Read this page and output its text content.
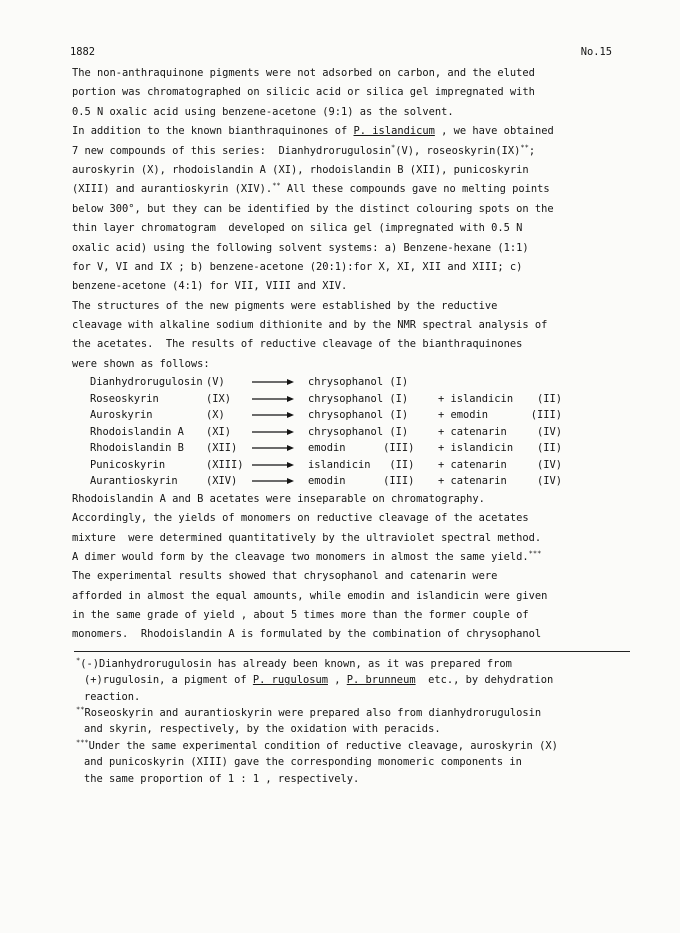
1882	No.15
The non-anthraquinone pigments were not adsorbed on carbon, and the eluted
portion was chromatographed on silicic acid or silica gel impregnated with
0.5 N oxalic acid using benzene-acetone (9:1) as the solvent.
In addition to the known bianthraquinones of P. islandicum , we have obtained
7 new compounds of this series:  Dianhydrorugulosin*(V), roseoskyrin(IX)**;
auroskyrin (X), rhodoislandin A (XI), rhodoislandin B (XII), punicoskyrin
(XIII) and aurantioskyrin (XIV).** All these compounds gave no melting points
below 300°, but they can be identified by the distinct colouring spots on the
thin layer chromatogram  developed on silica gel (impregnated with 0.5 N
oxalic acid) using the following solvent systems: a) Benzene-hexane (1:1)
for V, VI and IX ; b) benzene-acetone (20:1):for X, XI, XII and XIII; c)
benzene-acetone (4:1) for VII, VIII and XIV.
The structures of the new pigments were established by the reductive
cleavage with alkaline sodium dithionite and by the NMR spectral analysis of
the acetates.  The results of reductive cleavage of the bianthraquinones
were shown as follows:
Dianhydrorugulosin (V)	chrysophanol (I)
Roseoskyrin	(IX)	chrysophanol (I)	+ islandicin (II)
Auroskyrin	(X)	chrysophanol (I)	+ emodin	(III)
Rhodoislandin A (XI)	chrysophanol (I)	+ catenarin	(IV)
Rhodoislandin B (XII)	emodin      (III) + islandicin (II)
Punicoskyrin	(XIII)	islandicin   (II) + catenarin	(IV)
Aurantioskyrin	(XIV)	emodin      (III) + catenarin	(IV)
Rhodoislandin A and B acetates were inseparable on chromatography.
Accordingly, the yields of monomers on reductive cleavage of the acetates
mixture  were determined quantitatively by the ultraviolet spectral method.
A dimer would form by the cleavage two monomers in almost the same yield.***
The experimental results showed that chrysophanol and catenarin were
afforded in almost the equal amounts, while emodin and islandicin were given
in the same grade of yield , about 5 times more than the former couple of
monomers.  Rhodoislandin A is formulated by the combination of chrysophanol
*(-)Dianhydrorugulosin has already been known, as it was prepared from
(+)rugulosin, a pigment of P. rugulosum , P. brunneum  etc., by dehydration
reaction.
**Roseoskyrin and aurantioskyrin were prepared also from dianhydrorugulosin
and skyrin, respectively, by the oxidation with peracids.
***Under the same experimental condition of reductive cleavage, auroskyrin (X)
and punicoskyrin (XIII) gave the corresponding monomeric components in
the same proportion of 1 : 1 , respectively.
